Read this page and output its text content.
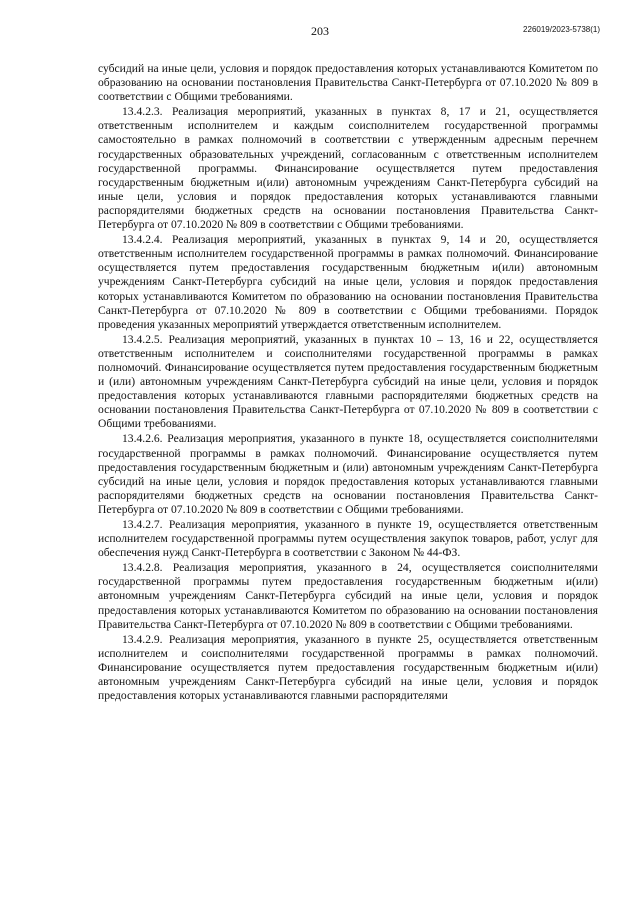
203	226019/2023-5738(1)

субсидий на иные цели, условия и порядок предоставления которых устанавливаются Комитетом по образованию на основании постановления Правительства Санкт-Петербурга от 07.10.2020 № 809 в соответствии с Общими требованиями.

13.4.2.3. Реализация мероприятий, указанных в пунктах 8, 17 и 21, осуществляется ответственным исполнителем и каждым соисполнителем государственной программы самостоятельно в рамках полномочий в соответствии с утвержденным адресным перечнем государственных образовательных учреждений, согласованным с ответственным исполнителем государственной программы. Финансирование осуществляется путем предоставления государственным бюджетным и(или) автономным учреждениям Санкт-Петербурга субсидий на иные цели, условия и порядок предоставления которых устанавливаются главными распорядителями бюджетных средств на основании постановления Правительства Санкт-Петербурга от 07.10.2020 № 809 в соответствии с Общими требованиями.

13.4.2.4. Реализация мероприятий, указанных в пунктах 9, 14 и 20, осуществляется ответственным исполнителем государственной программы в рамках полномочий. Финансирование осуществляется путем предоставления государственным бюджетным и(или) автономным учреждениям Санкт-Петербурга субсидий на иные цели, условия и порядок предоставления которых устанавливаются Комитетом по образованию на основании постановления Правительства Санкт-Петербурга от 07.10.2020 № 809 в соответствии с Общими требованиями. Порядок проведения указанных мероприятий утверждается ответственным исполнителем.

13.4.2.5. Реализация мероприятий, указанных в пунктах 10 – 13, 16 и 22, осуществляется ответственным исполнителем и соисполнителями государственной программы в рамках полномочий. Финансирование осуществляется путем предоставления государственным бюджетным и (или) автономным учреждениям Санкт-Петербурга субсидий на иные цели, условия и порядок предоставления которых устанавливаются главными распорядителями бюджетных средств на основании постановления Правительства Санкт-Петербурга от 07.10.2020 № 809 в соответствии с Общими требованиями.

13.4.2.6. Реализация мероприятия, указанного в пункте 18, осуществляется соисполнителями государственной программы в рамках полномочий. Финансирование осуществляется путем предоставления государственным бюджетным и (или) автономным учреждениям Санкт-Петербурга субсидий на иные цели, условия и порядок предоставления которых устанавливаются главными распорядителями бюджетных средств на основании постановления Правительства Санкт-Петербурга от 07.10.2020 № 809 в соответствии с Общими требованиями.

13.4.2.7. Реализация мероприятия, указанного в пункте 19, осуществляется ответственным исполнителем государственной программы путем осуществления закупок товаров, работ, услуг для обеспечения нужд Санкт-Петербурга в соответствии с Законом № 44-ФЗ.

13.4.2.8. Реализация мероприятия, указанного в 24, осуществляется соисполнителями государственной программы путем предоставления государственным бюджетным и(или) автономным учреждениям Санкт-Петербурга субсидий на иные цели, условия и порядок предоставления которых устанавливаются Комитетом по образованию на основании постановления Правительства Санкт-Петербурга от 07.10.2020 № 809 в соответствии с Общими требованиями.

13.4.2.9. Реализация мероприятия, указанного в пункте 25, осуществляется ответственным исполнителем и соисполнителями государственной программы в рамках полномочий. Финансирование осуществляется путем предоставления государственным бюджетным и(или) автономным учреждениям Санкт-Петербурга субсидий на иные цели, условия и порядок предоставления которых устанавливаются главными распорядителями
